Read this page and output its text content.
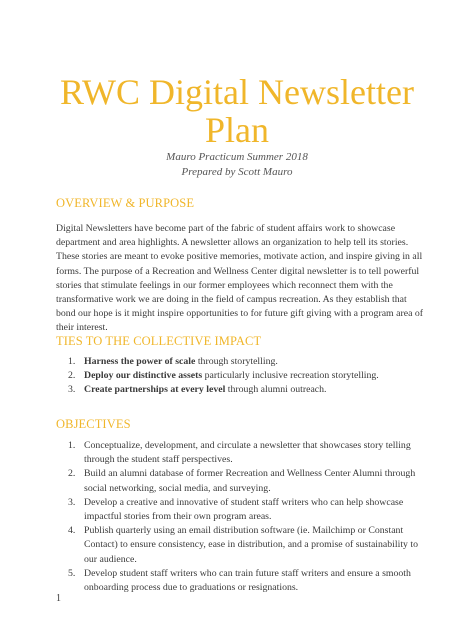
RWC Digital Newsletter
Plan
Mauro Practicum Summer 2018
Prepared by Scott Mauro
OVERVIEW & PURPOSE

Digital Newsletters have become part of the fabric of student affairs work to showcase department and area highlights. A newsletter allows an organization to help tell its stories. These stories are meant to evoke positive memories, motivate action, and inspire giving in all forms. The purpose of a Recreation and Wellness Center digital newsletter is to tell powerful stories that stimulate feelings in our former employees which reconnect them with the transformative work we are doing in the field of campus recreation. As they establish that bond our hope is it might inspire opportunities to for future gift giving with a program area of their interest.

TIES TO THE COLLECTIVE IMPACT
1. Harness the power of scale through storytelling.
2. Deploy our distinctive assets particularly inclusive recreation storytelling.
3. Create partnerships at every level through alumni outreach.
OBJECTIVES
1. Conceptualize, development, and circulate a newsletter that showcases story telling through the student staff perspectives.
2. Build an alumni database of former Recreation and Wellness Center Alumni through social networking, social media, and surveying.
3. Develop a creative and innovative of student staff writers who can help showcase impactful stories from their own program areas.
4. Publish quarterly using an email distribution software (ie. Mailchimp or Constant Contact) to ensure consistency, ease in distribution, and a promise of sustainability to our audience.
5. Develop student staff writers who can train future staff writers and ensure a smooth onboarding process due to graduations or resignations.
1
